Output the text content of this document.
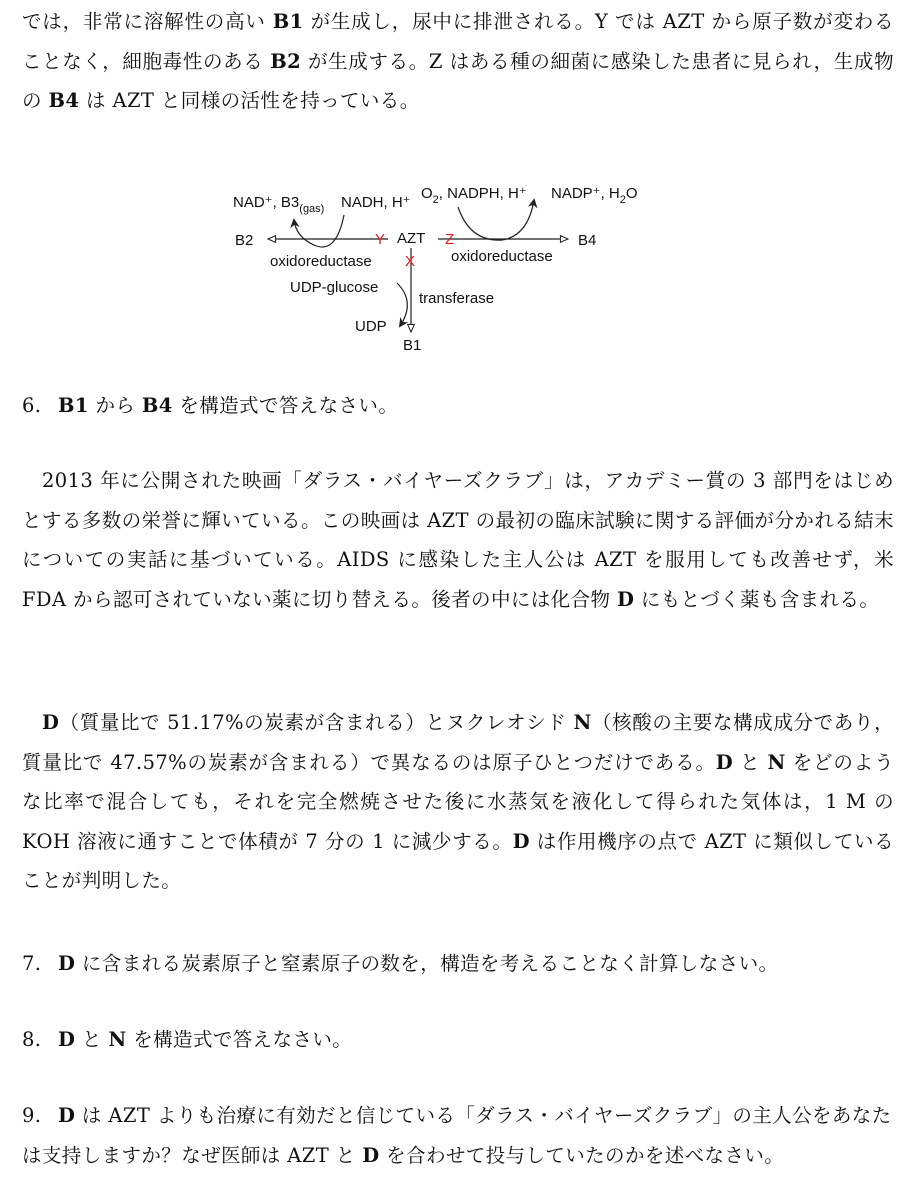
では，非常に溶解性の高い B1 が生成し，尿中に排泄される。Y では AZT から原子数が変わることなく，細胞毒性のある B2 が生成する。Z はある種の細菌に感染した患者に見られ，生成物の B4 は AZT と同様の活性を持っている。

NAD⁺, $B3_{(gas)}$ NADH, H⁺
$O_2$, NADPH, H⁺ NADP⁺, $H_2O$
B2	Y AZT Z	B4
oxidoreductase X oxidoreductase
UDP-glucose
transferase
UDP
B1

6. B1 から B4 を構造式で答えなさい。

2013 年に公開された映画「ダラス・バイヤーズクラブ」は，アカデミー賞の 3 部門をはじめとする多数の栄誉に輝いている。この映画は AZT の最初の臨床試験に関する評価が分かれる結末についての実話に基づいている。AIDS に感染した主人公は AZT を服用しても改善せず，米 FDA から認可されていない薬に切り替える。後者の中には化合物 D にもとづく薬も含まれる。

D（質量比で 51.17%の炭素が含まれる）とヌクレオシド N（核酸の主要な構成成分であり，質量比で 47.57%の炭素が含まれる）で異なるのは原子ひとつだけである。D と N をどのような比率で混合しても，それを完全燃焼させた後に水蒸気を液化して得られた気体は，1 M の KOH 溶液に通すことで体積が 7 分の 1 に減少する。D は作用機序の点で AZT に類似していることが判明した。

7. D に含まれる炭素原子と窒素原子の数を，構造を考えることなく計算しなさい。

8. D と N を構造式で答えなさい。

9. D は AZT よりも治療に有効だと信じている「ダラス・バイヤーズクラブ」の主人公をあなたは支持しますか？なぜ医師は AZT と D を合わせて投与していたのかを述べなさい。
